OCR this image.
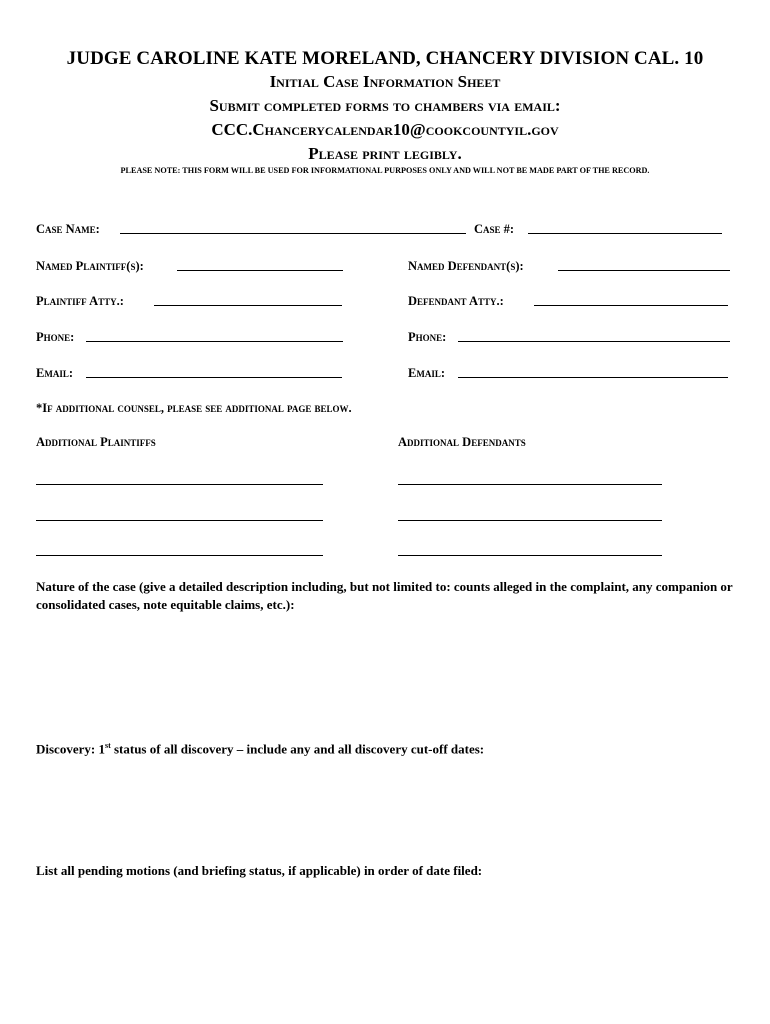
JUDGE CAROLINE KATE MORELAND, CHANCERY DIVISION CAL. 10
Initial Case Information Sheet
Submit completed forms to chambers via email:
CCC.Chancerycalendar10@cookcountyil.gov
Please print legibly.
PLEASE NOTE: THIS FORM WILL BE USED FOR INFORMATIONAL PURPOSES ONLY AND WILL NOT BE MADE PART OF THE RECORD.
Case Name:	Case #:
Named Plaintiff(s):	Named Defendant(s):
Plaintiff Atty.:	Defendant Atty.:
Phone:	Phone:
Email:	Email:
*If additional counsel, please see additional page below.
Additional Plaintiffs	Additional Defendants
Nature of the case (give a detailed description including, but not limited to: counts alleged in the complaint, any companion or consolidated cases, note equitable claims, etc.):
Discovery: 1st status of all discovery – include any and all discovery cut-off dates:
List all pending motions (and briefing status, if applicable) in order of date filed:
